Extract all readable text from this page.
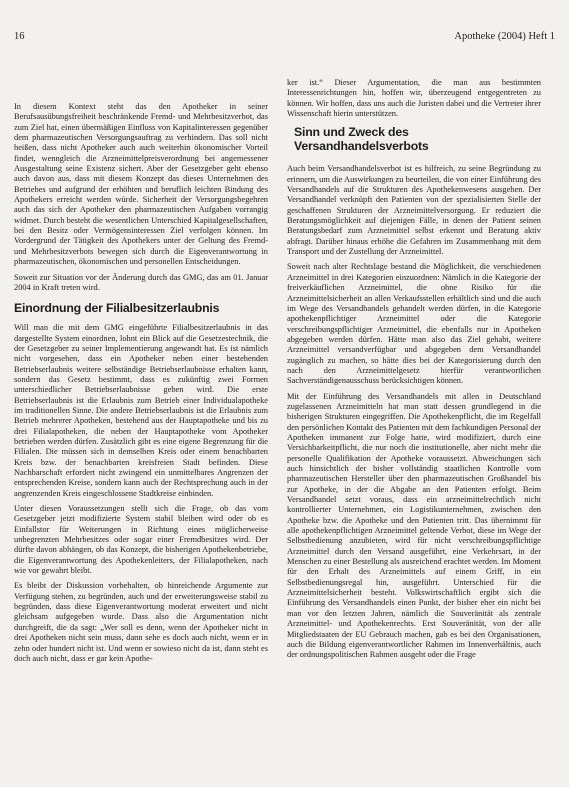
16	Apotheke (2004) Heft 1

In diesem Kontext steht das den Apotheker in seiner Berufsausübungsfreiheit beschränkende Fremd- und Mehrbesitzverbot, das zum Ziel hat, einen übermäßigen Einfluss von Kapitalinteressen gegenüber dem pharmazeutischen Versorgungsauftrag zu verhindern. Das soll nicht heißen, dass nicht Apotheker auch auch weiterhin ökonomischer Vorteil findet, wenngleich die Arzneimittelpreisverordnung bei angemessener Ausgestaltung seine Existenz sichert. Aber der Gesetzgeber geht ebenso auch davon aus, dass mit diesem Konzept das dieses Unternehmen des Betriebes und aufgrund der erhöhten und beruflich leichten Bindung des Apothekers erreicht werden würde. Sicherheit der Versorgungsbegehren auch das sich der Apotheker den pharmazeutischen Aufgaben vorrangig widmet. Durch besteht die wesentlichen Unterschied Kapitalgesellschaften, bei den Besitz oder Vermögensinteressen Ziel verfolgen können. Im Vordergrund der Tätigkeit des Apothekers unter der Geltung des Fremd- und Mehrbesitzverbots bewegen sich durch die Eigenverantwortung in pharmazeutischen, ökonomischen und personellen Entscheidungen.

Soweit zur Situation vor der Änderung durch das GMG, das am 01. Januar 2004 in Kraft treten wird.

Einordnung der Filialbesitzerlaubnis

Will man die mit dem GMG eingeführte Filialbesitzerlaubnis in das dargestellte System einordnen, lohnt ein Blick auf die Gesetzestechnik, die der Gesetzgeber zu seiner Implementierung angewandt hat. Es ist nämlich nicht vorgesehen, dass ein Apotheker neben einer bestehenden Betriebserlaubnis weitere selbständige Betriebserlaubnisse erhalten kann, sondern das Gesetz bestimmt, dass es zukünftig zwei Formen unterschiedlicher Betriebserlaubnisse geben wird. Die erste Betriebserlaubnis ist die Erlaubnis zum Betrieb einer Individualapotheke im traditionellen Sinne. Die andere Betriebserlaubnis ist die Erlaubnis zum Betrieb mehrerer Apotheken, bestehend aus der Hauptapotheke und bis zu drei Filialapotheken, die neben der Hauptapotheke vom Apotheker betrieben werden dürfen. Zusätzlich gibt es eine eigene Begrenzung für die Filialen. Die müssen sich in demselben Kreis oder einem benachbarten Kreis bzw. der benachbarten kreisfreien Stadt befinden. Diese Nachbarschaft erfordert nicht zwingend ein unmittelbares Angrenzen der entsprechenden Kreise, sondern kann auch der Rechtsprechung auch in der angrenzenden Kreis eingeschlossene Stadtkreise einbinden.

Unter diesen Voraussetzungen stellt sich die Frage, ob das vom Gesetzgeber jetzt modifizierte System stabil bleiben wird oder ob es Einfallstor für Weiterungen in Richtung eines möglicherweise unbegrenzten Mehrbesitzes oder sogar einer Fremdbesitzes wird. Der dürfte davon abhängen, ob das Konzept, die bisherigen Apothekenbetriebe, die Eigenverantwortung des Apothekenleiters, der Filialapotheken, nach wie vor gewahrt bleibt.

Es bleibt der Diskussion vorbehalten, ob hinreichende Argumente zur Verfügung stehen, zu begründen, auch und der erweiterungsweise stabil zu begründen, dass diese Eigenverantwortung moderat erweitert und nicht gleichsam aufgegeben wurde. Dass also die Argumentation nicht durchgreift, die da sagt: „Wer soll es denn, wenn der Apotheker nicht in drei Apotheken nicht sein muss, dann sehe es doch auch nicht, wenn er in zehn oder hundert nicht ist. Und wenn er sowieso nicht da ist, dann steht es doch auch nicht, dass er gar kein Apothe-

ker ist.“ Dieser Argumentation, die man aus bestimmten Interessenrichtungen hin, hoffen wir, überzeugend entgegentreten zu können. Wir hoffen, dass uns auch die Juristen dabei und die Vertreter ihrer Wissenschaft hierin unterstützen.

Sinn und Zweck des Versandhandelsverbots

Auch beim Versandhandelsverbot ist es hilfreich, zu seine Begründung zu erinnern, um die Auswirkungen zu beurteilen, die von einer Einführung des Versandhandels auf die Strukturen des Apothekenwesens ausgehen. Der Versandhandel verknüpft den Patienten von der spezialisierten Stelle der geschaffenen Strukturen der Arzneimittelversorgung. Er reduziert die Beratungsmöglichkeit auf diejenigen Fälle, in denen der Patient seinen Beratungsbedarf zum Arzneimittel selbst erkennt und Beratung aktiv abfragt. Darüber hinaus erhöhe die Gefahren im Zusammenhang mit dem Transport und der Zustellung der Arzneimittel.

Soweit nach alter Rechtslage bestand die Möglichkeit, die verschiedenen Arzneimittel in drei Kategorien einzuordnen: Nämlich in die Kategorie der freiverkäuflichen Arzneimittel, die ohne Risiko für die Arzneimittelsicherheit an allen Verkaufsstellen erhältlich sind und die auch im Wege des Versandhandels gehandelt werden dürfen, in die Kategorie apothekenpflichtiger Arzneimittel oder die Kategorie verschreibungspflichtiger Arzneimittel, die ebenfalls nur in Apotheken abgegeben werden dürfen. Hätte man also das Ziel gehabt, weitere Arzneimittel versandverfügbar und abgegeben dem Versandhandel zugänglich zu machen, so hätte dies bei der Kategorisierung durch den nach den Arzneimittelgesetz hierfür verantwortlichen Sachverständigenausschuss berücksichtigen können.

Mit der Einführung des Versandhandels mit allen in Deutschland zugelassenen Arzneimitteln hat man statt dessen grundlegend in die bisherigen Strukturen eingegriffen. Die Apothekenpflicht, die im Regelfall den persönlichen Kontakt des Patienten mit dem fachkundigen Personal der Apotheken immanent zur Folge hatte, wird modifiziert, durch eine Versichbarkeitpflicht, die nur noch die institutionelle, aber nicht mehr die personelle Qualifikation der Apotheke voraussetzt. Abweichungen sich auch hinsichtlich der bisher vollständig staatlichen Kontrolle vom pharmazeutischen Hersteller über den pharmazeutischen Großhandel bis zur Apotheke, in der die Abgabe an den Patienten erfolgt. Beim Versandhandel setzt voraus, dass ein arzneimittelrechtlich nicht kontrollierter Unternehmen, ein Logistikunternehmen, zwischen den Apotheke bzw. die Apotheke und den Patienten tritt. Das übernimmt für alle apothekenpflichtigen Arzneimittel geltende Verbot, diese im Wege der Selbstbedienung anzubieten, wird für nicht verschreibungspflichtige Arzneimittel durch den Versand ausgeführt, eine Verkehrsart, in der Menschen zu einer Bestellung als ausreichend erachtet werden. Im Moment für den Erhalt des Arzneimittels auf einem Griff, in ein Selbstbedienungsregal hin, ausgeführt. Unterschied für die Arzneimittelsicherheit besteht. Volkswirtschaftlich ergibt sich die Einführung des Versandhandels einen Punkt, der bisher eher ein nicht bei man vor den letzten Jahren, nämlich die Souveränität als zentrale Arzneimittel- und Apothekenrechts. Erst Souveränität, von der alle Mitgliedstaaten der EU Gebrauch machen, gab es bei den Organisationen, auch die Bildung eigenverantwortlicher Rahmen im Innenverhältnis, auch der ordnungspolitischen Rahmen ausgeht oder die Frage
